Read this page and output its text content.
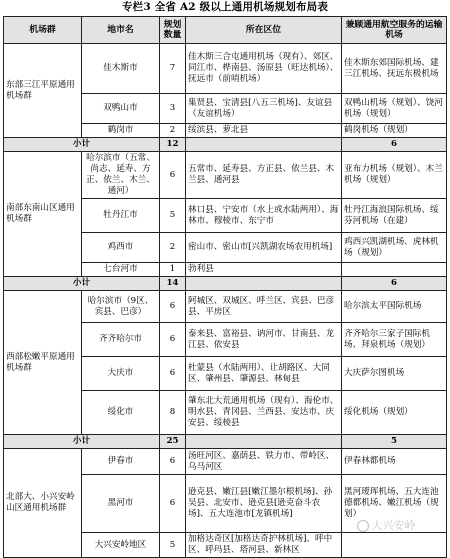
专栏3 全省 A2 级以上通用机场规划布局表
机场群	地市名	规划数量	所在区位	兼顾通用航空服务的运输机场
东部三江平原通用机场群	佳木斯市	7	佳木斯三合屯通用机场（现有）、郊区、同江市、桦南县、汤原县（旺达机场）、抚远市（前哨机场）	佳木斯东郊国际机场、建三江机场、抚远东极机场
	双鸭山市	3	集贤县、宝清县[八五三机场]、友谊县（友谊机场）	双鸭山机场（规划）、饶河机场（规划）
	鹤岗市	2	绥滨县、萝北县	鹤岗机场（规划）
小计		12		6
南部东南山区通用机场群	哈尔滨市（五常、尚志、延寿、方正、依兰、木兰、通河）	6	五常市、延寿县、方正县、依兰县、木兰县、通河县	亚布力机场（规划）、木兰机场（规划）
	牡丹江市	5	林口县、宁安市（水上或水陆两用）、海林市、穆棱市、东宁市	牡丹江海浪国际机场、绥芬河机场（在建）
	鸡西市	2	密山市、密山市[兴凯湖农场农用机场]	鸡西兴凯湖机场、虎林机场（规划）
	七台河市	1	勃利县	
小计		14		6
西部松嫩平原通用机场群	哈尔滨市（9区、宾县、巴彦）	6	阿城区、双城区、呼兰区、宾县、巴彦县、平房区	哈尔滨太平国际机场
	齐齐哈尔市	6	泰来县、富裕县、讷河市、甘南县、龙江县、依安县	齐齐哈尔三家子国际机场、拜泉机场（规划）
	大庆市	6	杜蒙县（水陆两用）、让胡路区、大同区、肇州县、肇源县、林甸县	大庆萨尔图机场
	绥化市	8	肇东北大荒通用机场（现有）、海伦市、明水县、青冈县、兰西县、安达市、庆安县、绥棱县	绥化机场（规划）
小计		25		5
北部大、小兴安岭山区通用机场群	伊春市	6	汤旺河区、嘉荫县、铁力市、带岭区、乌马河区	伊春林都机场
	黑河市	6	逊克县、嫩江县[嫩江墨尔根机场]、孙吴县、北安市、逊克县[逊克奋斗农场]、五大连池市[龙镇机场]	黑河瑷珲机场、五大连池德都机场、嫩江机场（规划）
	大兴安岭地区	5	加格达奇区[加格达奇护林机场]、呼中区、呼玛县、塔河县、新林区	
大兴安岭
